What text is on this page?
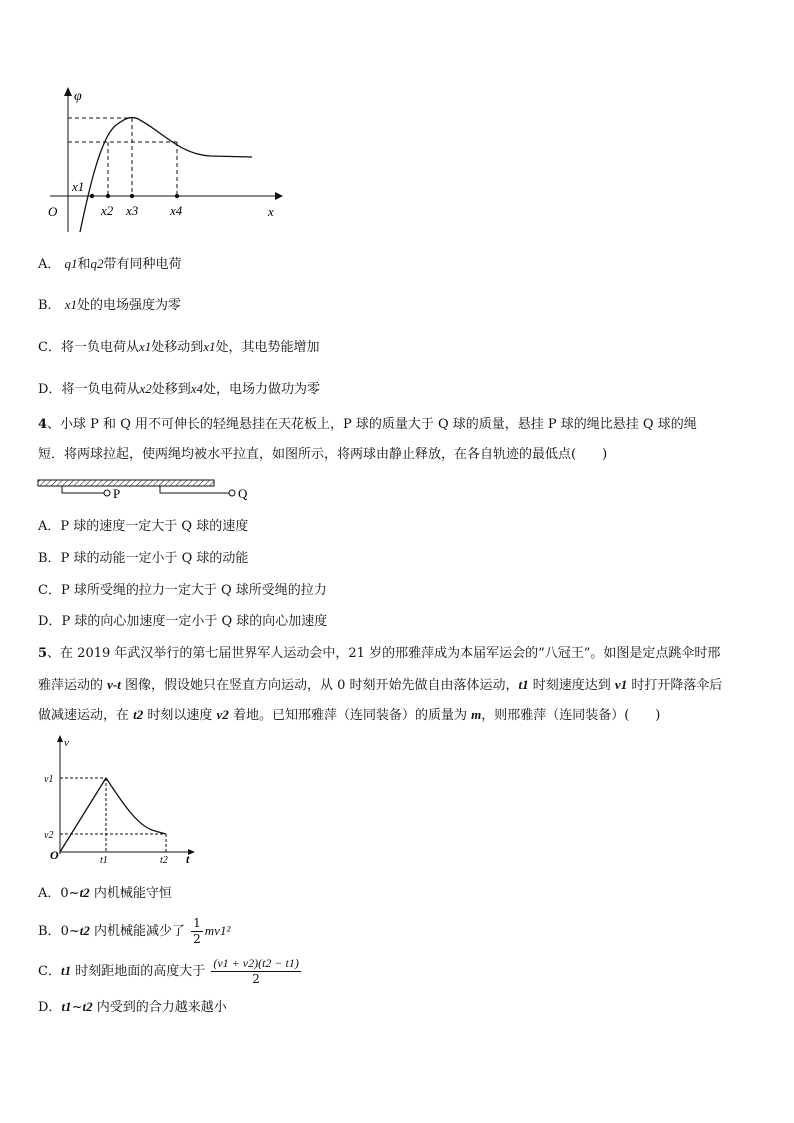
φ
O	x
x1
x2 x3 x4
A． q1和q2带有同种电荷
B． x1处的电场强度为零
C．将一负电荷从x1处移动到x1处，其电势能增加
D．将一负电荷从x2处移到x4处，电场力做功为零
4、小球 P 和 Q 用不可伸长的轻绳悬挂在天花板上，P 球的质量大于 Q 球的质量，悬挂 P 球的绳比悬挂 Q 球的绳
短．将两球拉起，使两绳均被水平拉直，如图所示，将两球由静止释放，在各自轨迹的最低点(　　)
P	Q
A．P 球的速度一定大于 Q 球的速度
B．P 球的动能一定小于 Q 球的动能
C．P 球所受绳的拉力一定大于 Q 球所受绳的拉力
D．P 球的向心加速度一定小于 Q 球的向心加速度
5、在 2019 年武汉举行的第七届世界军人运动会中，21 岁的邢雅萍成为本届军运会的“八冠王”。如图是定点跳伞时邢
雅萍运动的 v-t 图像，假设她只在竖直方向运动，从 0 时刻开始先做自由落体运动，t1 时刻速度达到 v1 时打开降落伞后
做减速运动，在 t2 时刻以速度 v2 着地。已知邢雅萍（连同装备）的质量为 m，则邢雅萍（连同装备）(　　)
v
v1
v2
O	t1	t2 t
A．0~t2 内机械能守恒
B．0~t2 内机械能减少了 $\frac{1}{2} mv1^2$
C．t1 时刻距地面的高度大于 $\frac{(v1 + v2)(t2 - t1)}{2}$
D．t1~t2 内受到的合力越来越小
